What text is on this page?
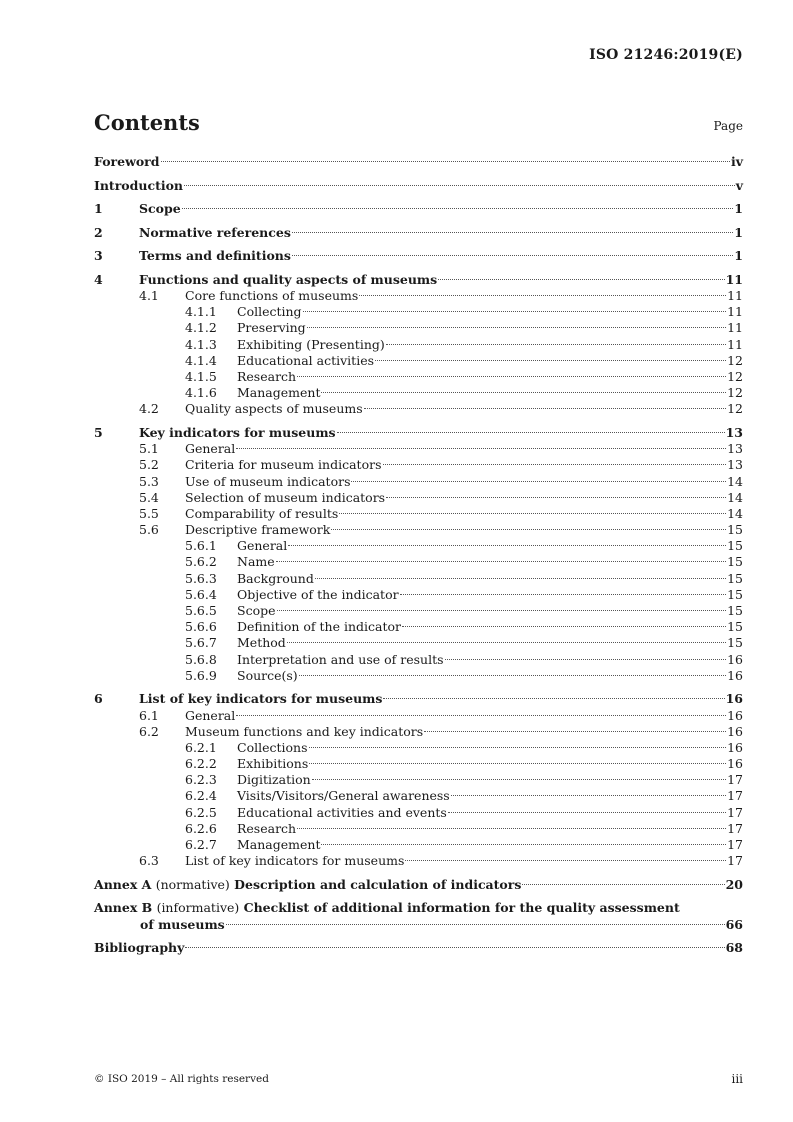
ISO 21246:2019(E)
Contents	Page
Foreword	iv
Introduction	v
1	Scope	1
2	Normative references	1
3	Terms and definitions	1
4	Functions and quality aspects of museums	11
4.1	Core functions of museums	11
4.1.1	Collecting	11
4.1.2	Preserving	11
4.1.3	Exhibiting (Presenting)	11
4.1.4	Educational activities	12
4.1.5	Research	12
4.1.6	Management	12
4.2	Quality aspects of museums	12
5	Key indicators for museums	13
5.1	General	13
5.2	Criteria for museum indicators	13
5.3	Use of museum indicators	14
5.4	Selection of museum indicators	14
5.5	Comparability of results	14
5.6	Descriptive framework	15
5.6.1	General	15
5.6.2	Name	15
5.6.3	Background	15
5.6.4	Objective of the indicator	15
5.6.5	Scope	15
5.6.6	Definition of the indicator	15
5.6.7	Method	15
5.6.8	Interpretation and use of results	16
5.6.9	Source(s)	16
6	List of key indicators for museums	16
6.1	General	16
6.2	Museum functions and key indicators	16
6.2.1	Collections	16
6.2.2	Exhibitions	16
6.2.3	Digitization	17
6.2.4	Visits/Visitors/General awareness	17
6.2.5	Educational activities and events	17
6.2.6	Research	17
6.2.7	Management	17
6.3	List of key indicators for museums	17
Annex A (normative) Description and calculation of indicators	20
Annex B (informative) Checklist of additional information for the quality assessment
of museums	66
Bibliography	68
© ISO 2019 – All rights reserved	iii
